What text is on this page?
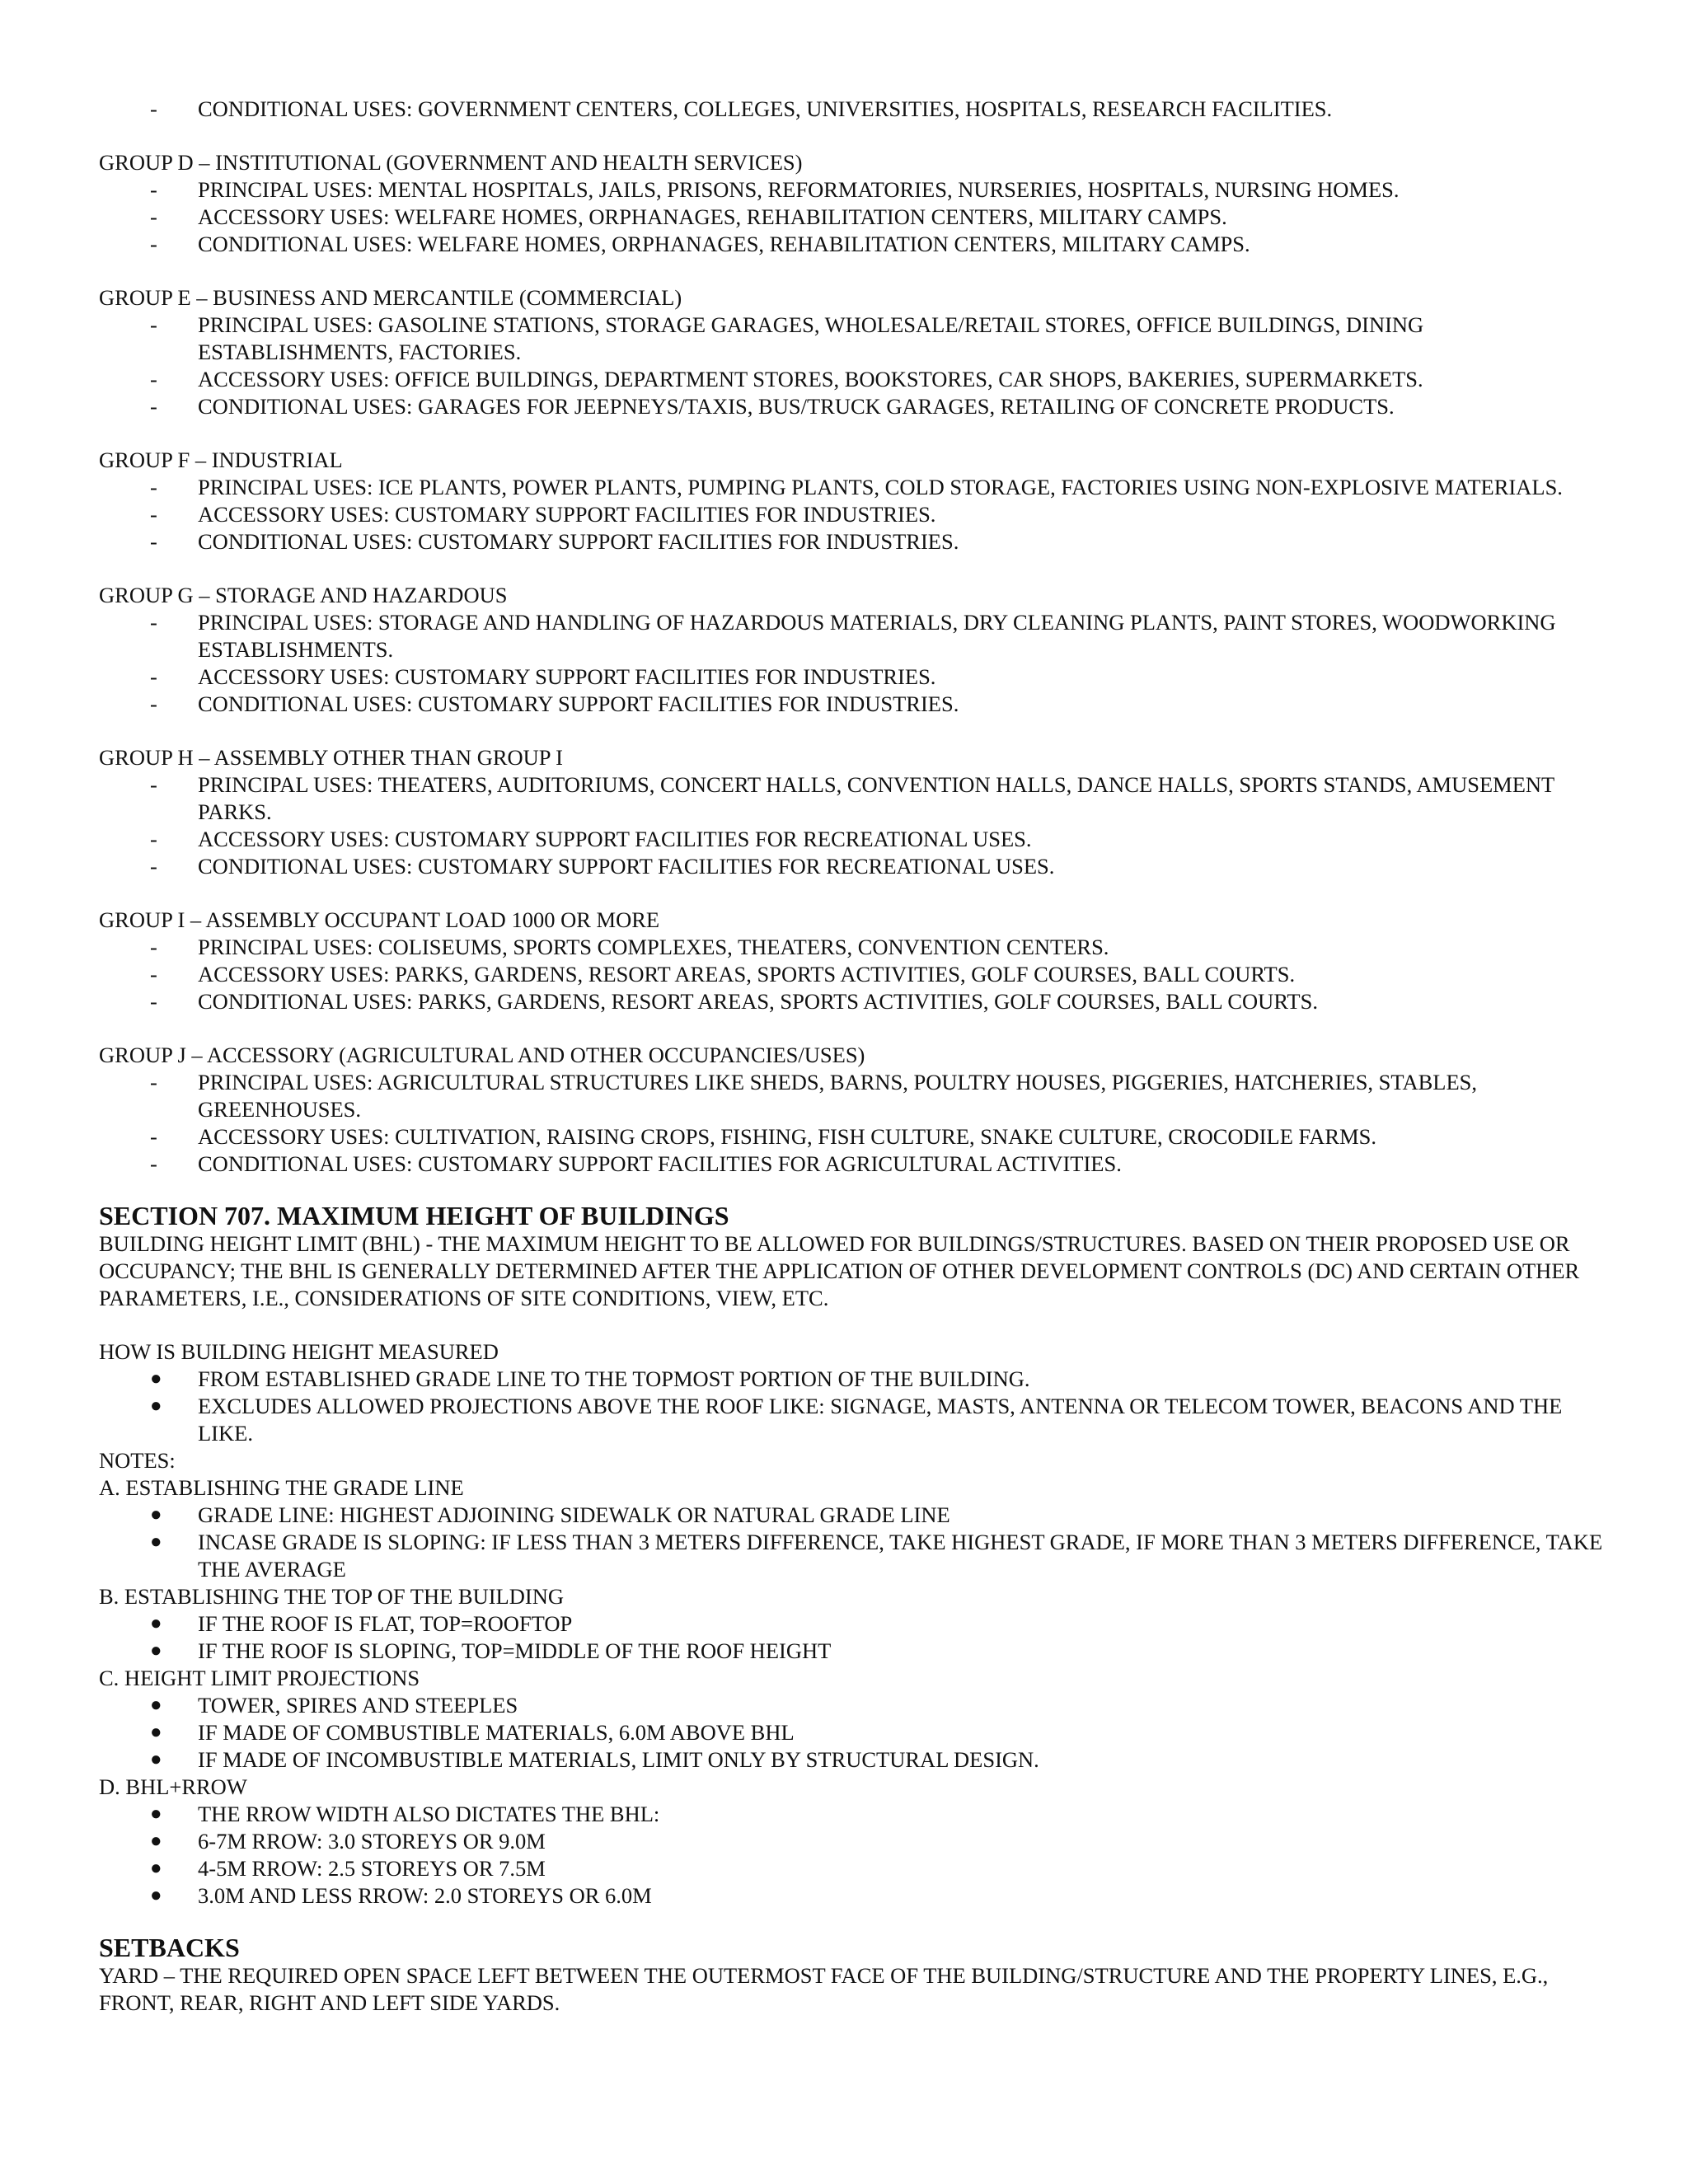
- CONDITIONAL USES: GOVERNMENT CENTERS, COLLEGES, UNIVERSITIES, HOSPITALS, RESEARCH FACILITIES.

GROUP D – INSTITUTIONAL (GOVERNMENT AND HEALTH SERVICES)

- PRINCIPAL USES: MENTAL HOSPITALS, JAILS, PRISONS, REFORMATORIES, NURSERIES, HOSPITALS, NURSING HOMES.

- ACCESSORY USES: WELFARE HOMES, ORPHANAGES, REHABILITATION CENTERS, MILITARY CAMPS.

- CONDITIONAL USES: WELFARE HOMES, ORPHANAGES, REHABILITATION CENTERS, MILITARY CAMPS.

GROUP E – BUSINESS AND MERCANTILE (COMMERCIAL)

- PRINCIPAL USES: GASOLINE STATIONS, STORAGE GARAGES, WHOLESALE/RETAIL STORES, OFFICE BUILDINGS, DINING ESTABLISHMENTS, FACTORIES.

- ACCESSORY USES: OFFICE BUILDINGS, DEPARTMENT STORES, BOOKSTORES, CAR SHOPS, BAKERIES, SUPERMARKETS.

- CONDITIONAL USES: GARAGES FOR JEEPNEYS/TAXIS, BUS/TRUCK GARAGES, RETAILING OF CONCRETE PRODUCTS.

GROUP F – INDUSTRIAL

- PRINCIPAL USES: ICE PLANTS, POWER PLANTS, PUMPING PLANTS, COLD STORAGE, FACTORIES USING NON-EXPLOSIVE MATERIALS.

- ACCESSORY USES: CUSTOMARY SUPPORT FACILITIES FOR INDUSTRIES.

- CONDITIONAL USES: CUSTOMARY SUPPORT FACILITIES FOR INDUSTRIES.

GROUP G – STORAGE AND HAZARDOUS

- PRINCIPAL USES: STORAGE AND HANDLING OF HAZARDOUS MATERIALS, DRY CLEANING PLANTS, PAINT STORES, WOODWORKING ESTABLISHMENTS.

- ACCESSORY USES: CUSTOMARY SUPPORT FACILITIES FOR INDUSTRIES.

- CONDITIONAL USES: CUSTOMARY SUPPORT FACILITIES FOR INDUSTRIES.

GROUP H – ASSEMBLY OTHER THAN GROUP I

- PRINCIPAL USES: THEATERS, AUDITORIUMS, CONCERT HALLS, CONVENTION HALLS, DANCE HALLS, SPORTS STANDS, AMUSEMENT PARKS.

- ACCESSORY USES: CUSTOMARY SUPPORT FACILITIES FOR RECREATIONAL USES.

- CONDITIONAL USES: CUSTOMARY SUPPORT FACILITIES FOR RECREATIONAL USES.

GROUP I – ASSEMBLY OCCUPANT LOAD 1000 OR MORE

- PRINCIPAL USES: COLISEUMS, SPORTS COMPLEXES, THEATERS, CONVENTION CENTERS.

- ACCESSORY USES: PARKS, GARDENS, RESORT AREAS, SPORTS ACTIVITIES, GOLF COURSES, BALL COURTS.

- CONDITIONAL USES: PARKS, GARDENS, RESORT AREAS, SPORTS ACTIVITIES, GOLF COURSES, BALL COURTS.

GROUP J – ACCESSORY (AGRICULTURAL AND OTHER OCCUPANCIES/USES)

- PRINCIPAL USES: AGRICULTURAL STRUCTURES LIKE SHEDS, BARNS, POULTRY HOUSES, PIGGERIES, HATCHERIES, STABLES, GREENHOUSES.

- ACCESSORY USES: CULTIVATION, RAISING CROPS, FISHING, FISH CULTURE, SNAKE CULTURE, CROCODILE FARMS.

- CONDITIONAL USES: CUSTOMARY SUPPORT FACILITIES FOR AGRICULTURAL ACTIVITIES.

SECTION 707. MAXIMUM HEIGHT OF BUILDINGS

BUILDING HEIGHT LIMIT (BHL) - THE MAXIMUM HEIGHT TO BE ALLOWED FOR BUILDINGS/STRUCTURES. BASED ON THEIR PROPOSED USE OR OCCUPANCY; THE BHL IS GENERALLY DETERMINED AFTER THE APPLICATION OF OTHER DEVELOPMENT CONTROLS (DC) AND CERTAIN OTHER PARAMETERS, I.E., CONSIDERATIONS OF SITE CONDITIONS, VIEW, ETC.

HOW IS BUILDING HEIGHT MEASURED

● FROM ESTABLISHED GRADE LINE TO THE TOPMOST PORTION OF THE BUILDING.

● EXCLUDES ALLOWED PROJECTIONS ABOVE THE ROOF LIKE: SIGNAGE, MASTS, ANTENNA OR TELECOM TOWER, BEACONS AND THE LIKE.

NOTES:

A. ESTABLISHING THE GRADE LINE

● GRADE LINE: HIGHEST ADJOINING SIDEWALK OR NATURAL GRADE LINE

● INCASE GRADE IS SLOPING: IF LESS THAN 3 METERS DIFFERENCE, TAKE HIGHEST GRADE, IF MORE THAN 3 METERS DIFFERENCE, TAKE THE AVERAGE

B. ESTABLISHING THE TOP OF THE BUILDING

● IF THE ROOF IS FLAT, TOP=ROOFTOP

● IF THE ROOF IS SLOPING, TOP=MIDDLE OF THE ROOF HEIGHT

C. HEIGHT LIMIT PROJECTIONS

● TOWER, SPIRES AND STEEPLES

● IF MADE OF COMBUSTIBLE MATERIALS, 6.0M ABOVE BHL

● IF MADE OF INCOMBUSTIBLE MATERIALS, LIMIT ONLY BY STRUCTURAL DESIGN.

D. BHL+RROW

● THE RROW WIDTH ALSO DICTATES THE BHL:

● 6-7M RROW: 3.0 STOREYS OR 9.0M

● 4-5M RROW: 2.5 STOREYS OR 7.5M

● 3.0M AND LESS RROW: 2.0 STOREYS OR 6.0M

SETBACKS

YARD – THE REQUIRED OPEN SPACE LEFT BETWEEN THE OUTERMOST FACE OF THE BUILDING/STRUCTURE AND THE PROPERTY LINES, E.G., FRONT, REAR, RIGHT AND LEFT SIDE YARDS.
